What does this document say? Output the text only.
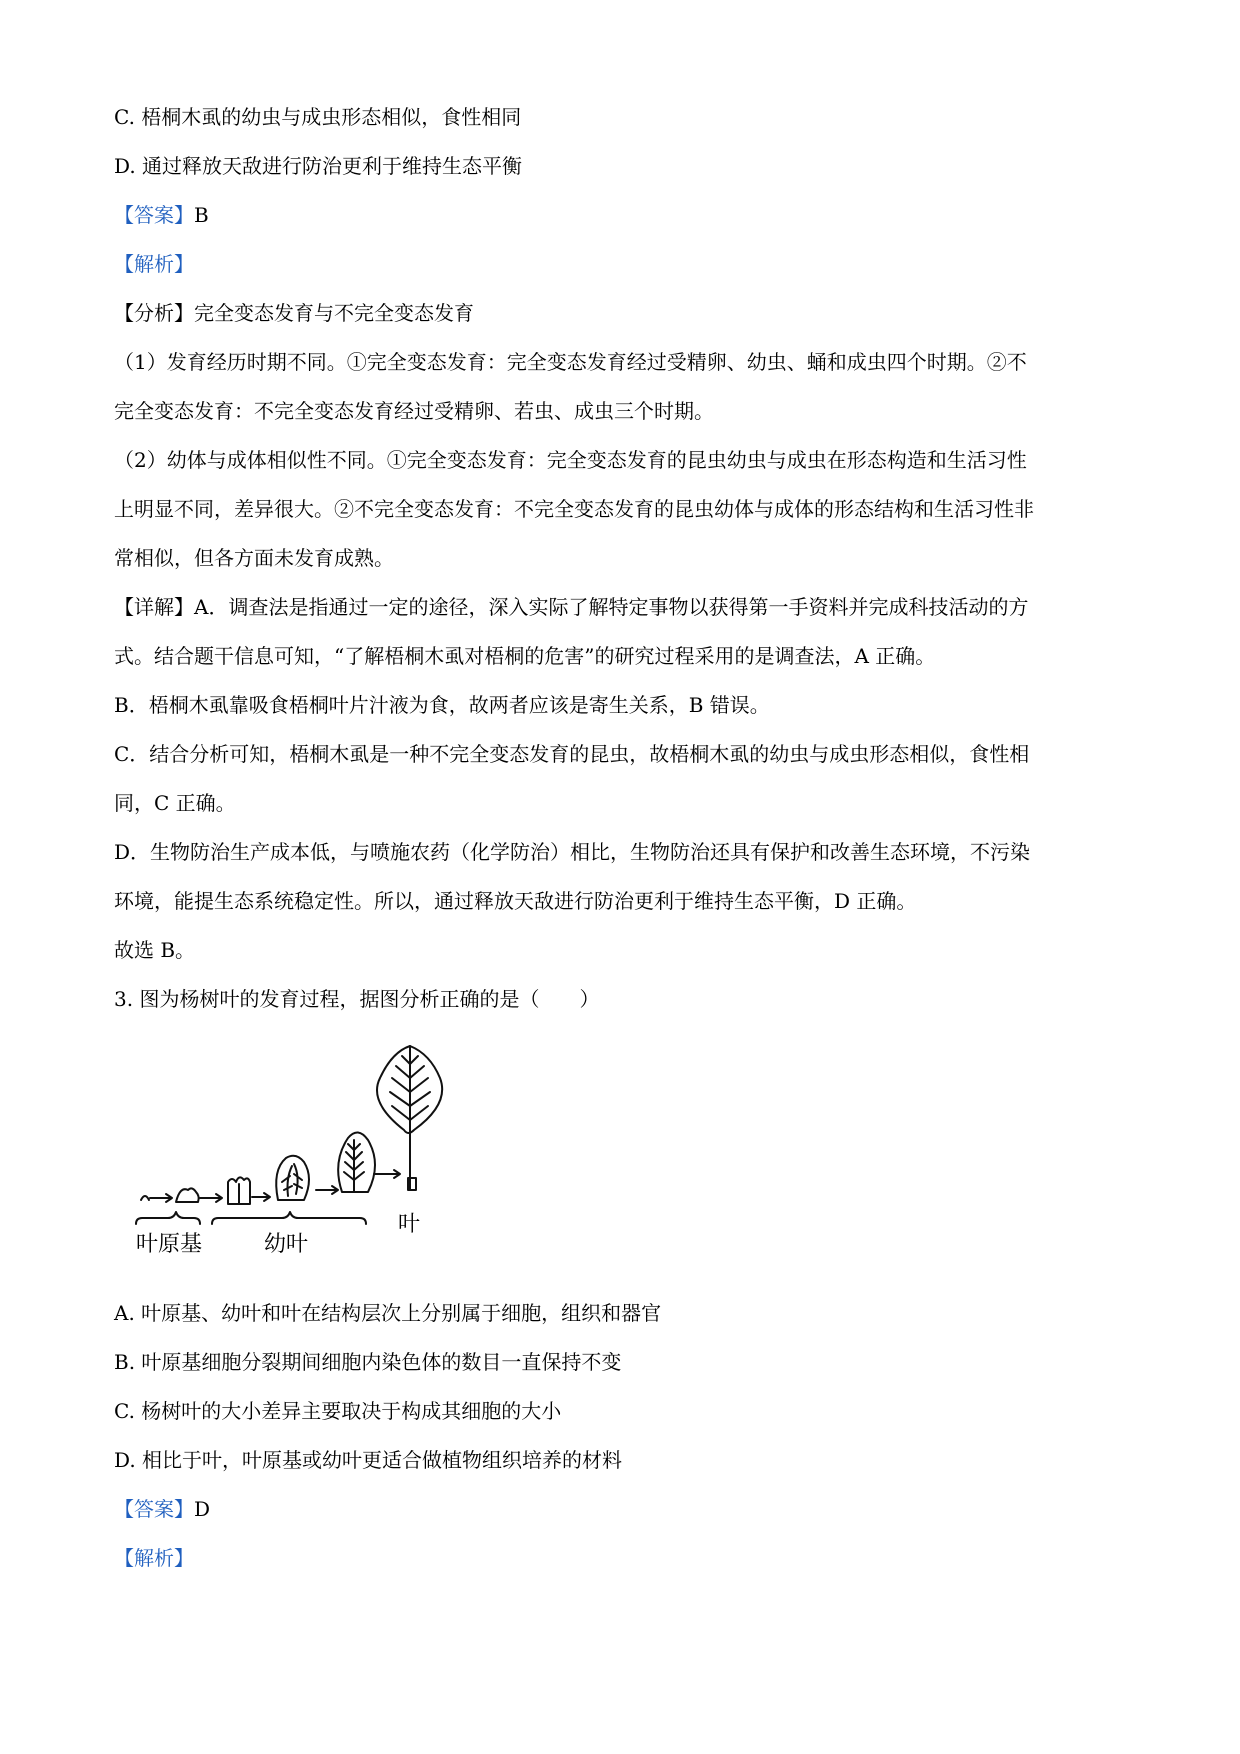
C. 梧桐木虱的幼虫与成虫形态相似，食性相同
D. 通过释放天敌进行防治更利于维持生态平衡
【答案】B
【解析】
【分析】完全变态发育与不完全变态发育
（1）发育经历时期不同。①完全变态发育：完全变态发育经过受精卵、幼虫、蛹和成虫四个时期。②不
完全变态发育：不完全变态发育经过受精卵、若虫、成虫三个时期。
（2）幼体与成体相似性不同。①完全变态发育：完全变态发育的昆虫幼虫与成虫在形态构造和生活习性
上明显不同，差异很大。②不完全变态发育：不完全变态发育的昆虫幼体与成体的形态结构和生活习性非
常相似，但各方面未发育成熟。
【详解】A．调查法是指通过一定的途径，深入实际了解特定事物以获得第一手资料并完成科技活动的方
式。结合题干信息可知，“了解梧桐木虱对梧桐的危害”的研究过程采用的是调查法，A 正确。
B．梧桐木虱靠吸食梧桐叶片汁液为食，故两者应该是寄生关系，B 错误。
C．结合分析可知，梧桐木虱是一种不完全变态发育的昆虫，故梧桐木虱的幼虫与成虫形态相似，食性相
同，C 正确。
D．生物防治生产成本低，与喷施农药（化学防治）相比，生物防治还具有保护和改善生态环境，不污染
环境，能提生态系统稳定性。所以，通过释放天敌进行防治更利于维持生态平衡，D 正确。
故选 B。
3. 图为杨树叶的发育过程，据图分析正确的是（　　）
叶原基	幼叶
叶
A. 叶原基、幼叶和叶在结构层次上分别属于细胞，组织和器官
B. 叶原基细胞分裂期间细胞内染色体的数目一直保持不变
C. 杨树叶的大小差异主要取决于构成其细胞的大小
D. 相比于叶，叶原基或幼叶更适合做植物组织培养的材料
【答案】D
【解析】
